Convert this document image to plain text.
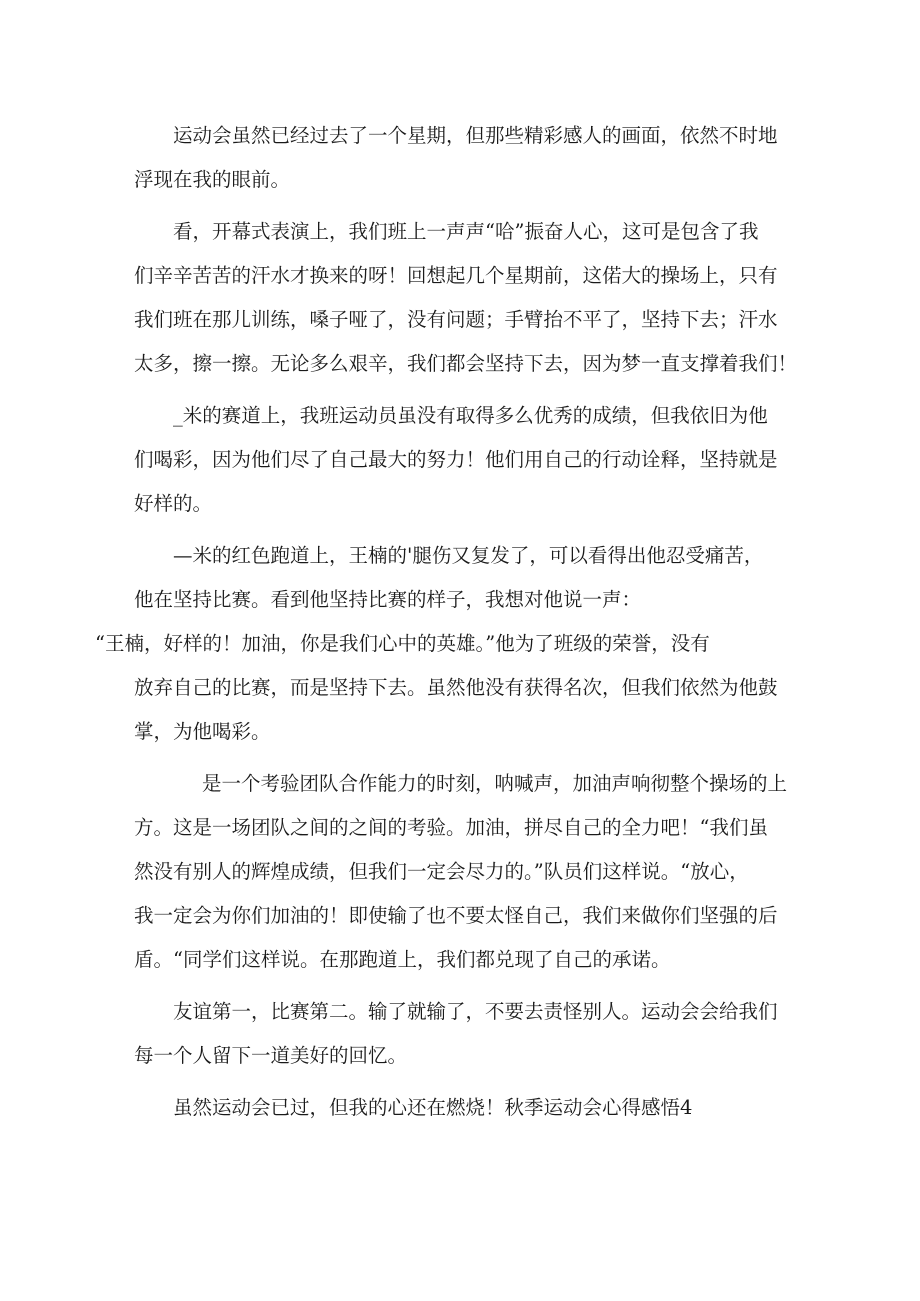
运动会虽然已经过去了一个星期，但那些精彩感人的画面，依然不时地
浮现在我的眼前。

看，开幕式表演上，我们班上一声声“哈”振奋人心，这可是包含了我
们辛辛苦苦的汗水才换来的呀！回想起几个星期前，这偌大的操场上，只有
我们班在那儿训练，嗓子哑了，没有问题；手臂抬不平了，坚持下去；汗水
太多，擦一擦。无论多么艰辛，我们都会坚持下去，因为梦一直支撑着我们！

_米的赛道上，我班运动员虽没有取得多么优秀的成绩，但我依旧为他
们喝彩，因为他们尽了自己最大的努力！他们用自己的行动诠释，坚持就是
好样的。

—米的红色跑道上，王楠的'腿伤又复发了，可以看得出他忍受痛苦，
他在坚持比赛。看到他坚持比赛的样子，我想对他说一声：
“王楠，好样的！加油，你是我们心中的英雄。”他为了班级的荣誉，没有
放弃自己的比赛，而是坚持下去。虽然他没有获得名次，但我们依然为他鼓
掌，为他喝彩。

是一个考验团队合作能力的时刻，呐喊声，加油声响彻整个操场的上
方。这是一场团队之间的之间的考验。加油，拼尽自己的全力吧！“我们虽
然没有别人的辉煌成绩，但我们一定会尽力的。”队员们这样说。“放心，
我一定会为你们加油的！即使输了也不要太怪自己，我们来做你们坚强的后
盾。“同学们这样说。在那跑道上，我们都兑现了自己的承诺。

友谊第一，比赛第二。输了就输了，不要去责怪别人。运动会会给我们
每一个人留下一道美好的回忆。

虽然运动会已过，但我的心还在燃烧！秋季运动会心得感悟4
